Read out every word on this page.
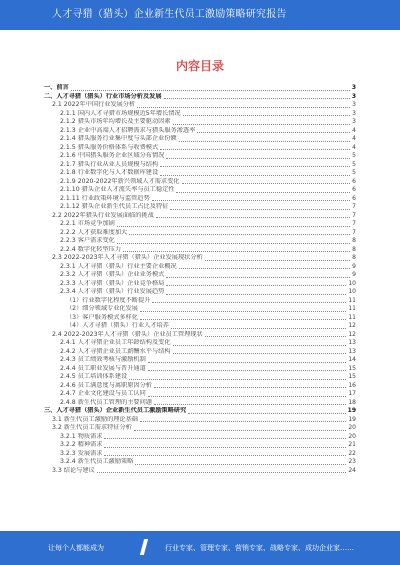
人才寻猎（猎头）企业新生代员工激励策略研究报告
内容目录
一、前言	3
二、人才寻猎（猎头）行业市场分析及发展	3
2.1 2022年中国行业发展分析	3
2.1.1 国内人才寻猎市场规模近5年增长情况	3
2.1.2 猎头市场年均增长及主要驱动因素	3
2.1.3 企业中高端人才招聘需求与猎头服务渗透率	4
2.1.4 猎头服务行业集中度与头部企业份额	4
2.1.5 猎头服务价格体系与收费模式	4
2.1.6 中国猎头服务企业区域分布情况	5
2.1.7 猎头行业从业人员规模与结构	5
2.1.8 行业数字化与人才数据库建设	5
2.1.9 2020-2022年新兴领域人才需求变化	6
2.1.10 猎头企业人才流失率与员工稳定性	6
2.1.11 行业政策环境与监管趋势	6
2.1.12 猎头企业新生代员工占比及特征	7
2.2 2022年猎头行业发展面临的挑战	7
2.2.1 市场竞争加剧	7
2.2.2 人才获取难度加大	7
2.2.3 客户需求变化	8
2.2.4 数字化转型压力	8
2.3 2022-2023年人才寻猎（猎头）企业发展现状分析	8
2.3.1 人才寻猎（猎头）行业主要企业概况	9
2.3.2 人才寻猎（猎头）企业业务模式	9
2.3.3 人才寻猎（猎头）企业竞争格局	10
2.3.4 人才寻猎（猎头）行业发展趋势	10
（1）行业数字化程度不断提升	11
（2）细分领域专业化发展	11
（3）客户服务模式多样化	11
（4）人才寻猎（猎头）行业人才培养	12
2.4 2022-2023年人才寻猎（猎头）企业员工管理现状	12
2.4.1 人才寻猎企业员工年龄结构及变化	13
2.4.2 人才寻猎企业员工薪酬水平与结构	13
2.4.3 员工绩效考核与激励机制	14
2.4.4 员工职业发展与晋升通道	15
2.4.5 员工培训体系建设	15
2.4.6 员工满意度与离职原因分析	16
2.4.7 企业文化建设与员工认同	17
2.4.8 新生代员工管理的主要问题	18
三、人才寻猎（猎头）企业新生代员工激励策略研究	19
3.1 新生代员工激励的理论基础	19
3.2 新生代员工需求特征分析	20
3.2.1 物质需求	20
3.2.2 精神需求	21
3.2.3 发展需求	22
3.2.4 新生代员工激励策略	23
3.3 结论与建议	24
让每个人都能成为	行业专家、管理专家、营销专家、战略专家、成功企业家……
